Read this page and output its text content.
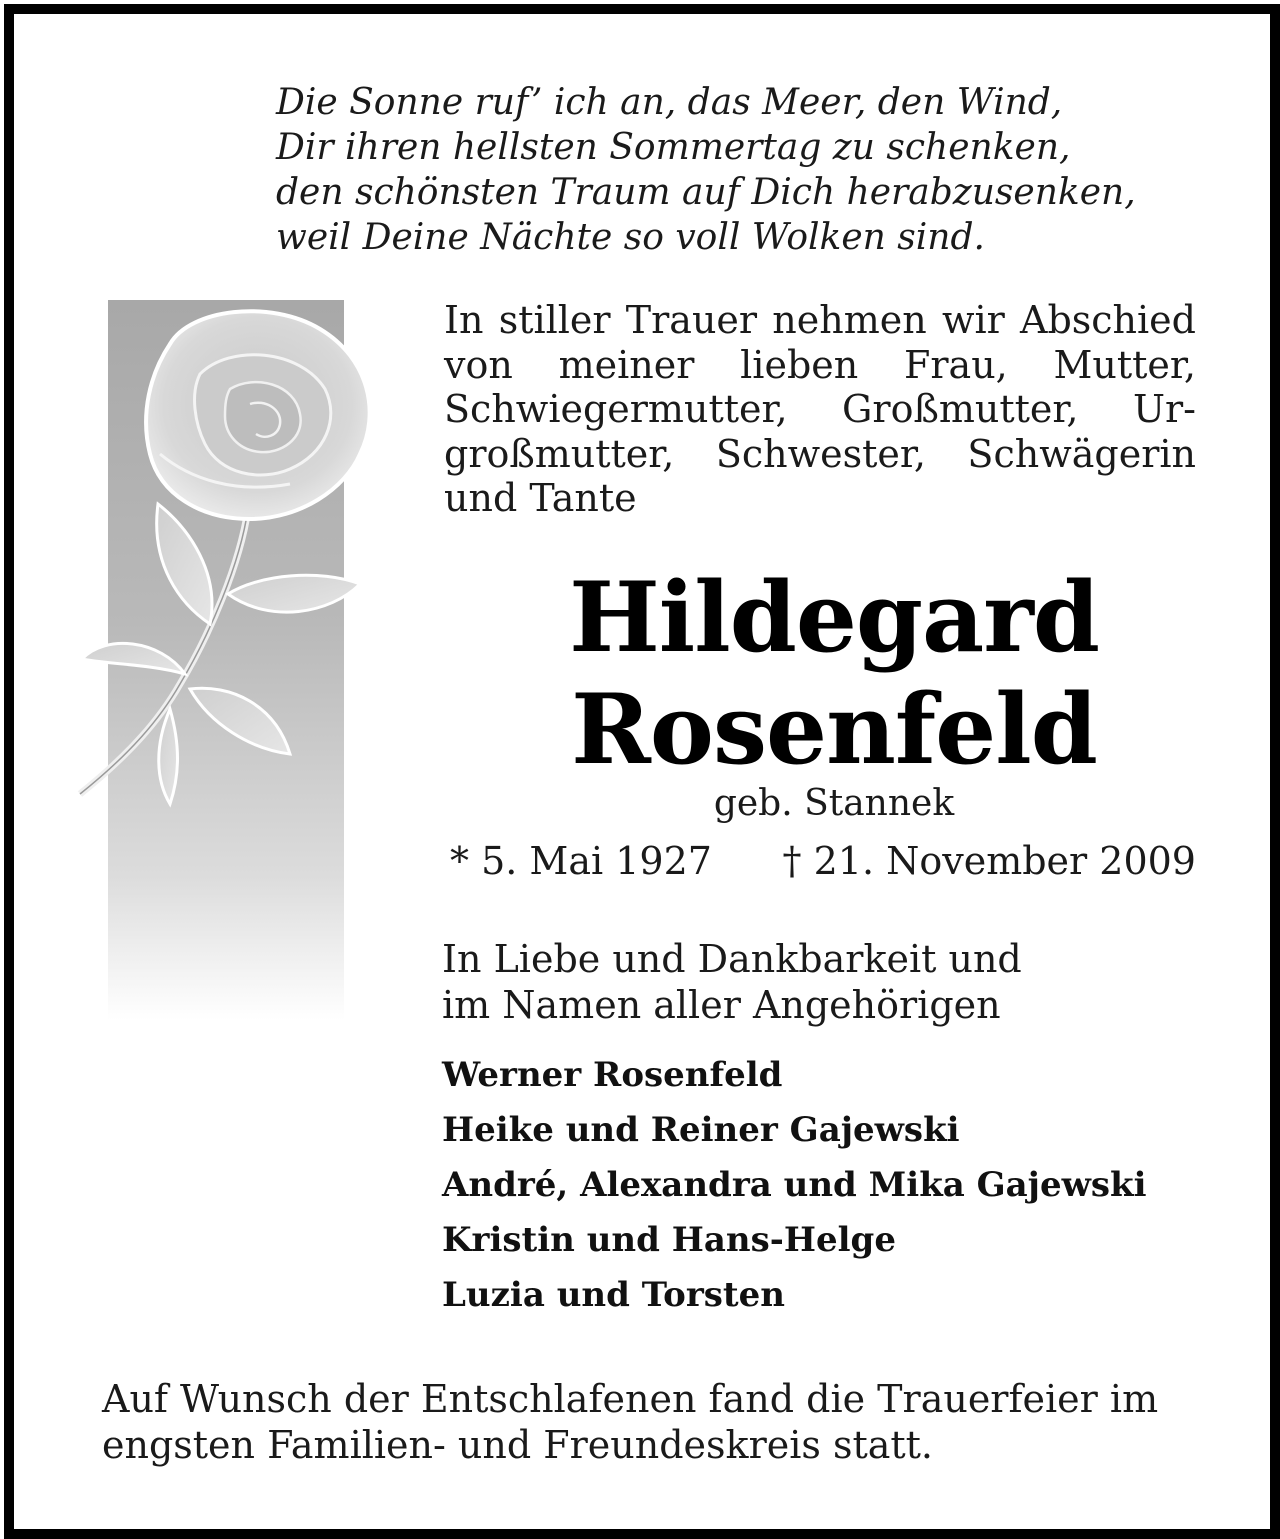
Die Sonne ruf’ ich an, das Meer, den Wind,
Dir ihren hellsten Sommertag zu schenken,
den schönsten Traum auf Dich herabzusenken,
weil Deine Nächte so voll Wolken sind.
In stiller Trauer nehmen wir Abschied
von meiner lieben Frau, Mutter,
Schwiegermutter, Großmutter, Ur-
großmutter, Schwester, Schwägerin
und Tante
Hildegard
Rosenfeld
geb. Stannek
* 5. Mai 1927 † 21. November 2009
In Liebe und Dankbarkeit und
im Namen aller Angehörigen
Werner Rosenfeld
Heike und Reiner Gajewski
André, Alexandra und Mika Gajewski
Kristin und Hans-Helge
Luzia und Torsten
Auf Wunsch der Entschlafenen fand die Trauerfeier im
engsten Familien- und Freundeskreis statt.
